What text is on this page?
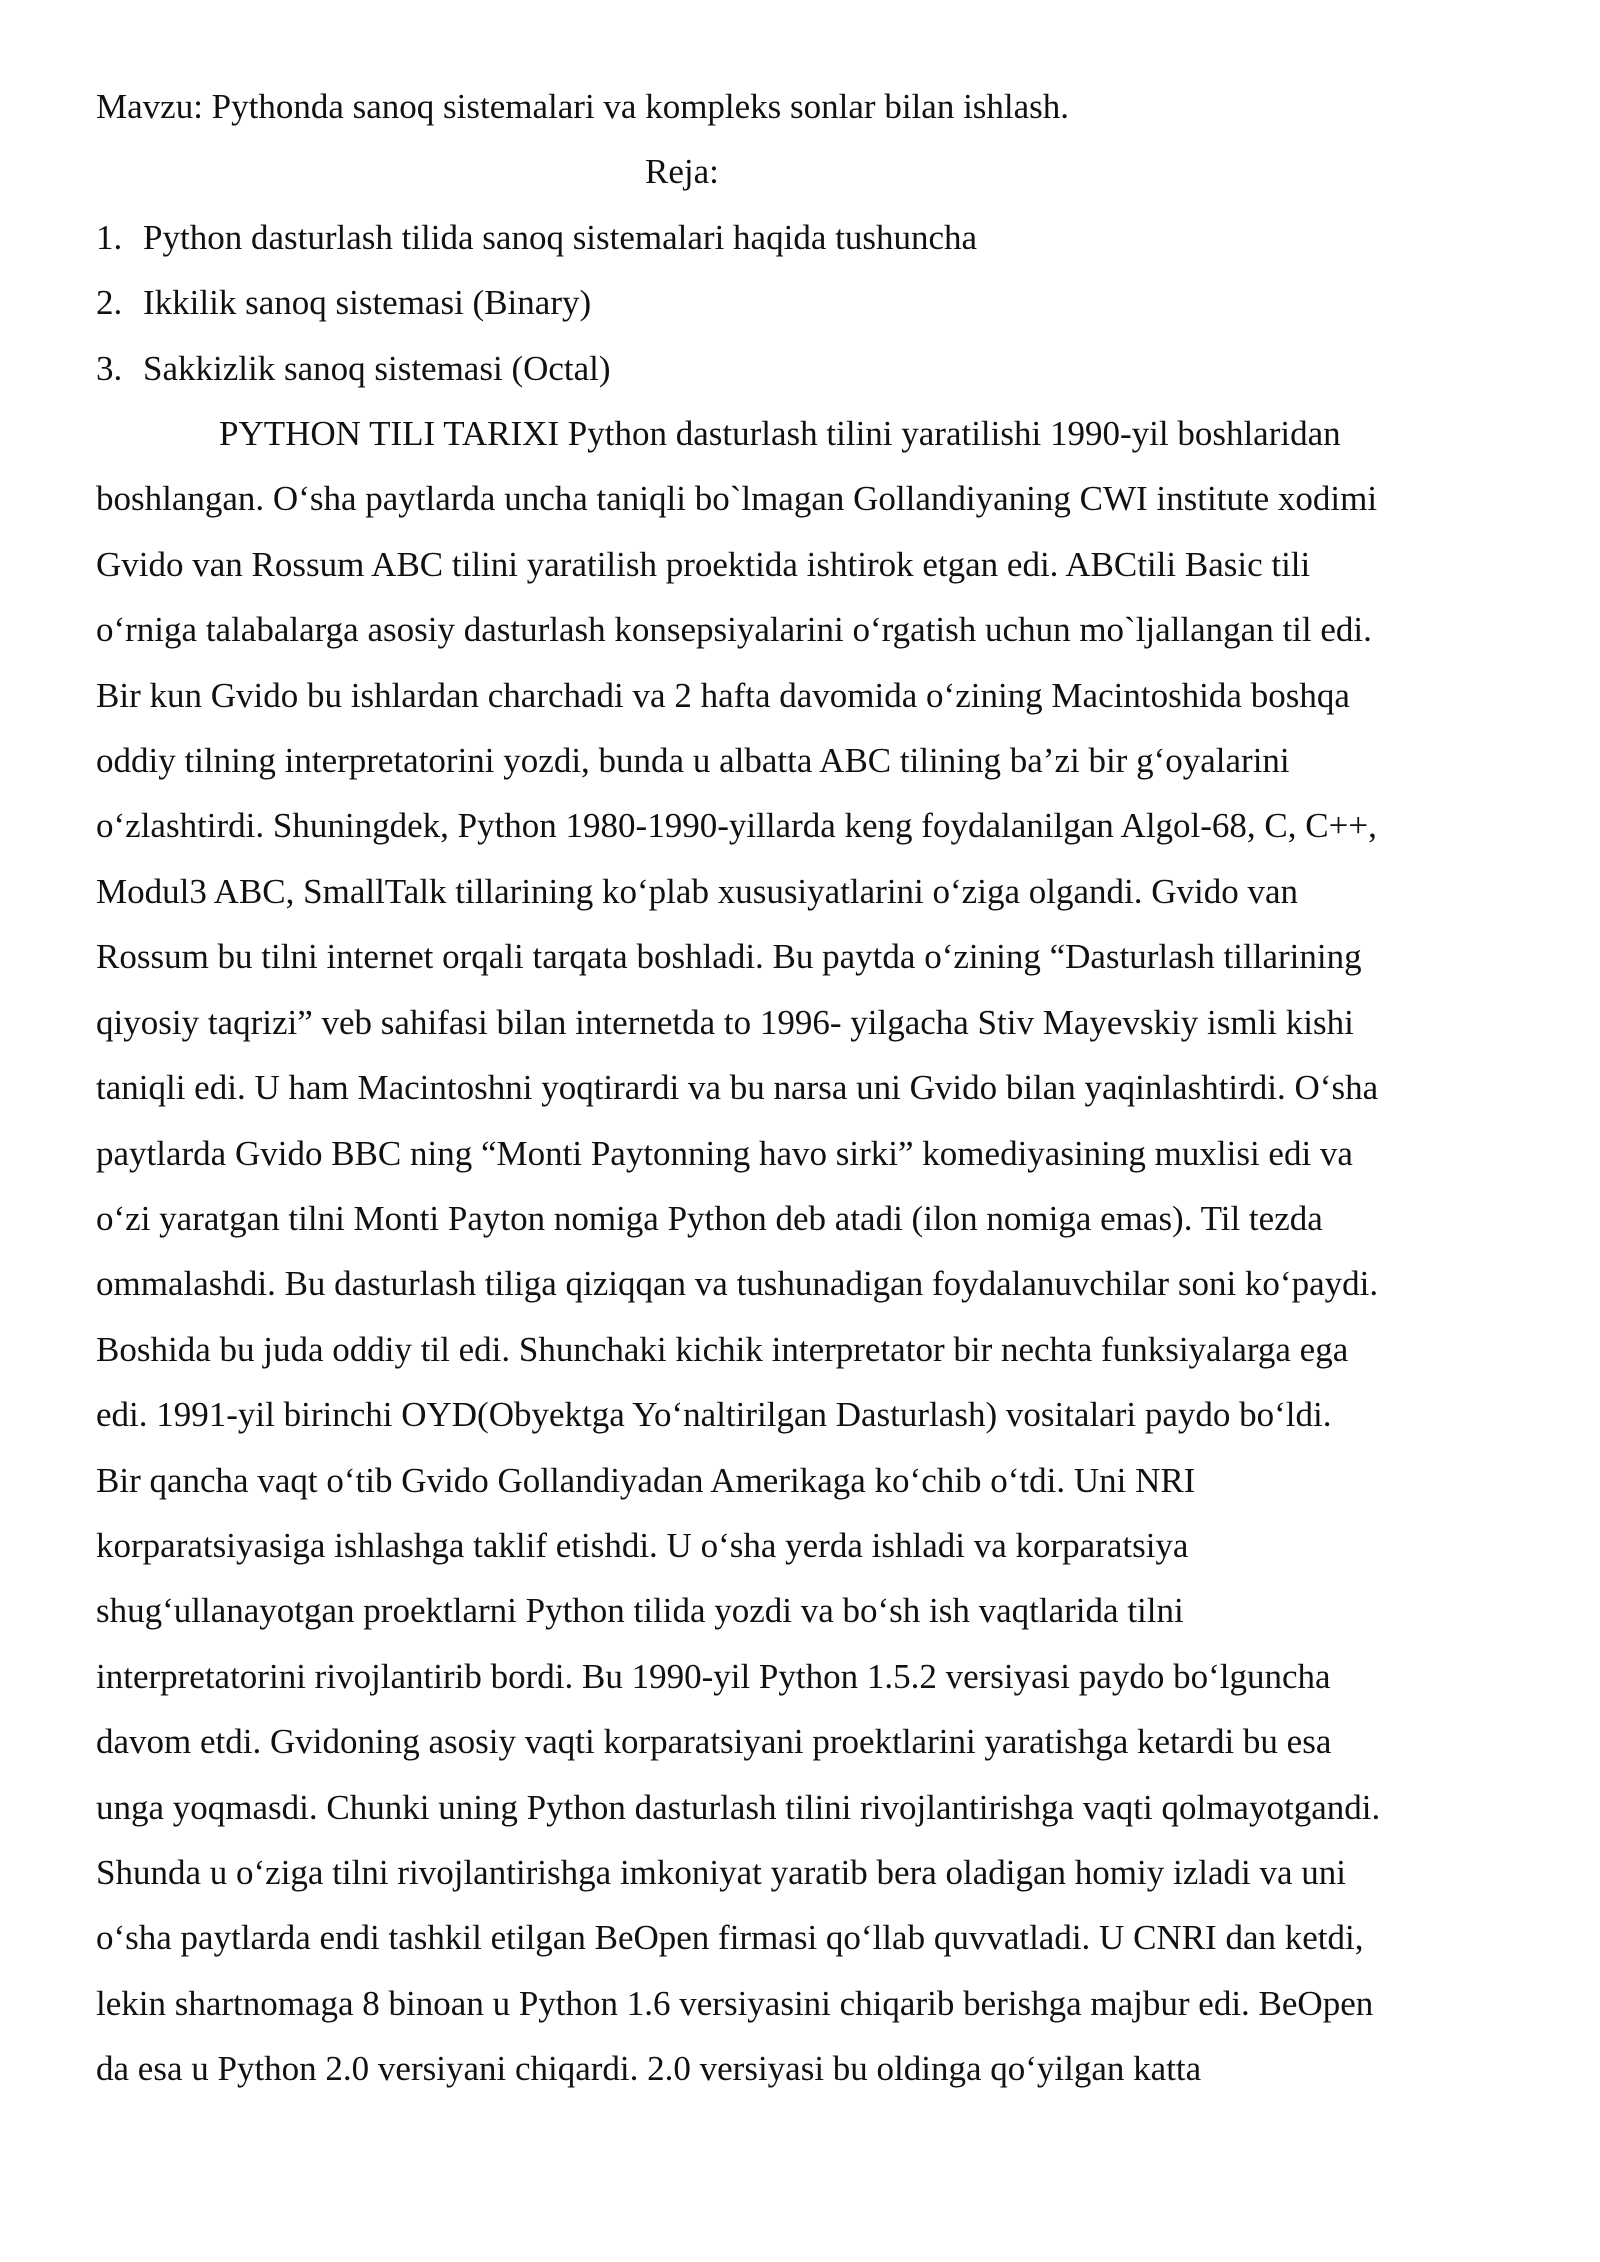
Mavzu: Pythonda sanoq sistemalari va kompleks sonlar bilan ishlash.

Reja:

1. Python dasturlash tilida sanoq sistemalari haqida tushuncha
2. Ikkilik sanoq sistemasi (Binary)
3. Sakkizlik sanoq sistemasi (Octal)

PYTHON TILI TARIXI Python dasturlash tilini yaratilishi 1990-yil boshlaridan

boshlangan. O‘sha paytlarda uncha taniqli bo`lmagan Gollandiyaning CWI institute xodimi

Gvido van Rossum ABC tilini yaratilish proektida ishtirok etgan edi. ABCtili Basic tili

o‘rniga talabalarga asosiy dasturlash konsepsiyalarini o‘rgatish uchun mo`ljallangan til edi.

Bir kun Gvido bu ishlardan charchadi va 2 hafta davomida o‘zining Macintoshida boshqa

oddiy tilning interpretatorini yozdi, bunda u albatta ABC tilining ba’zi bir g‘oyalarini

o‘zlashtirdi. Shuningdek, Python 1980-1990-yillarda keng foydalanilgan Algol-68, C, C++,

Modul3 ABC, SmallTalk tillarining ko‘plab xususiyatlarini o‘ziga olgandi. Gvido van

Rossum bu tilni internet orqali tarqata boshladi. Bu paytda o‘zining “Dasturlash tillarining

qiyosiy taqrizi” veb sahifasi bilan internetda to 1996- yilgacha Stiv Mayevskiy ismli kishi

taniqli edi. U ham Macintoshni yoqtirardi va bu narsa uni Gvido bilan yaqinlashtirdi. O‘sha

paytlarda Gvido BBC ning “Monti Paytonning havo sirki” komediyasining muxlisi edi va

o‘zi yaratgan tilni Monti Payton nomiga Python deb atadi (ilon nomiga emas). Til tezda

ommalashdi. Bu dasturlash tiliga qiziqqan va tushunadigan foydalanuvchilar soni ko‘paydi.

Boshida bu juda oddiy til edi. Shunchaki kichik interpretator bir nechta funksiyalarga ega

edi. 1991-yil birinchi OYD(Obyektga Yo‘naltirilgan Dasturlash) vositalari paydo bo‘ldi.

Bir qancha vaqt o‘tib Gvido Gollandiyadan Amerikaga ko‘chib o‘tdi. Uni NRI

korparatsiyasiga ishlashga taklif etishdi. U o‘sha yerda ishladi va korparatsiya

shug‘ullanayotgan proektlarni Python tilida yozdi va bo‘sh ish vaqtlarida tilni

interpretatorini rivojlantirib bordi. Bu 1990-yil Python 1.5.2 versiyasi paydo bo‘lguncha

davom etdi. Gvidoning asosiy vaqti korparatsiyani proektlarini yaratishga ketardi bu esa

unga yoqmasdi. Chunki uning Python dasturlash tilini rivojlantirishga vaqti qolmayotgandi.

Shunda u o‘ziga tilni rivojlantirishga imkoniyat yaratib bera oladigan homiy izladi va uni

o‘sha paytlarda endi tashkil etilgan BeOpen firmasi qo‘llab quvvatladi. U CNRI dan ketdi,

lekin shartnomaga 8 binoan u Python 1.6 versiyasini chiqarib berishga majbur edi. BeOpen

da esa u Python 2.0 versiyani chiqardi. 2.0 versiyasi bu oldinga qo‘yilgan katta
